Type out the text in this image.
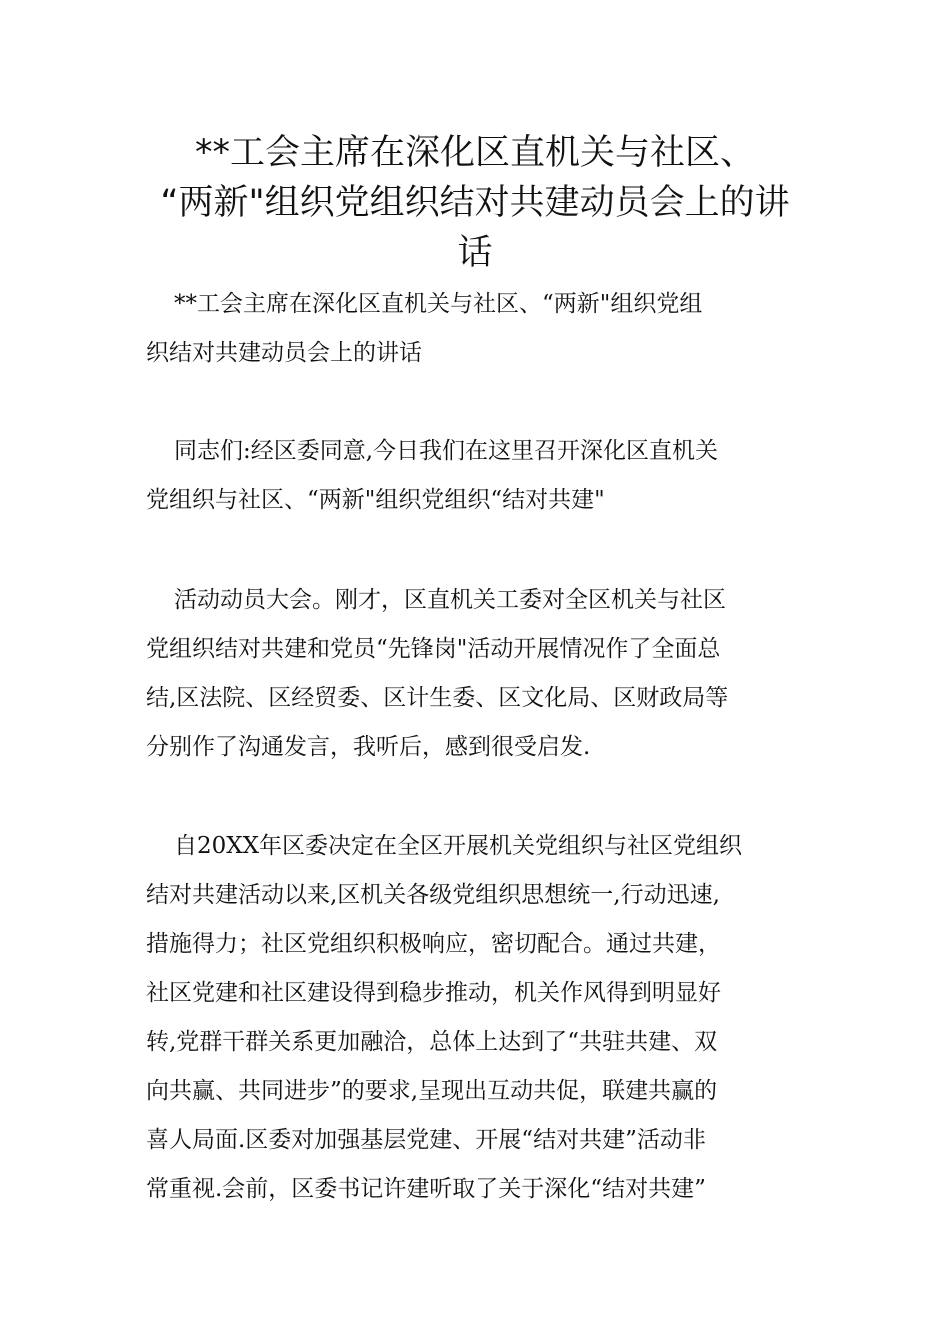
**工会主席在深化区直机关与社区、
“两新"组织党组织结对共建动员会上的讲
话

**工会主席在深化区直机关与社区、“两新"组织党组
织结对共建动员会上的讲话

同志们:经区委同意,今日我们在这里召开深化区直机关
党组织与社区、“两新"组织党组织“结对共建"

活动动员大会。刚才，区直机关工委对全区机关与社区
党组织结对共建和党员“先锋岗"活动开展情况作了全面总
结,区法院、区经贸委、区计生委、区文化局、区财政局等
分别作了沟通发言，我听后，感到很受启发.

自20XX年区委决定在全区开展机关党组织与社区党组织
结对共建活动以来,区机关各级党组织思想统一,行动迅速,
措施得力；社区党组织积极响应，密切配合。通过共建，
社区党建和社区建设得到稳步推动，机关作风得到明显好
转,党群干群关系更加融洽，总体上达到了“共驻共建、双
向共赢、共同进步”的要求,呈现出互动共促，联建共赢的
喜人局面.区委对加强基层党建、开展“结对共建”活动非
常重视.会前，区委书记许建听取了关于深化“结对共建”
